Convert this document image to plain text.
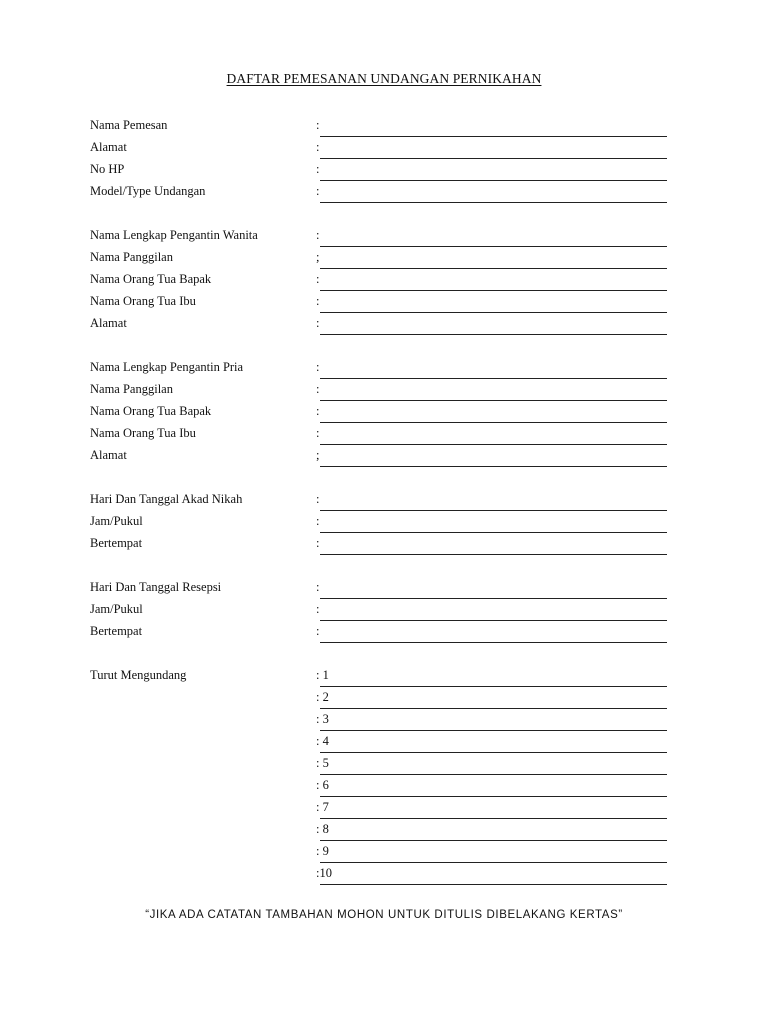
DAFTAR PEMESANAN UNDANGAN PERNIKAHAN
Nama Pemesan	:
Alamat	:
No HP	:
Model/Type Undangan	:
Nama Lengkap Pengantin Wanita	:
Nama Panggilan	;
Nama Orang Tua Bapak	:
Nama Orang Tua Ibu	:
Alamat	:
Nama Lengkap Pengantin Pria	:
Nama Panggilan	:
Nama Orang Tua Bapak	:
Nama Orang Tua Ibu	:
Alamat	;
Hari Dan Tanggal Akad Nikah	:
Jam/Pukul	:
Bertempat	:
Hari Dan Tanggal Resepsi	:
Jam/Pukul	:
Bertempat	:
Turut Mengundang	: 1
: 2
: 3
: 4
: 5
: 6
: 7
: 8
: 9
:10
“JIKA ADA CATATAN TAMBAHAN MOHON UNTUK DITULIS DIBELAKANG KERTAS”
